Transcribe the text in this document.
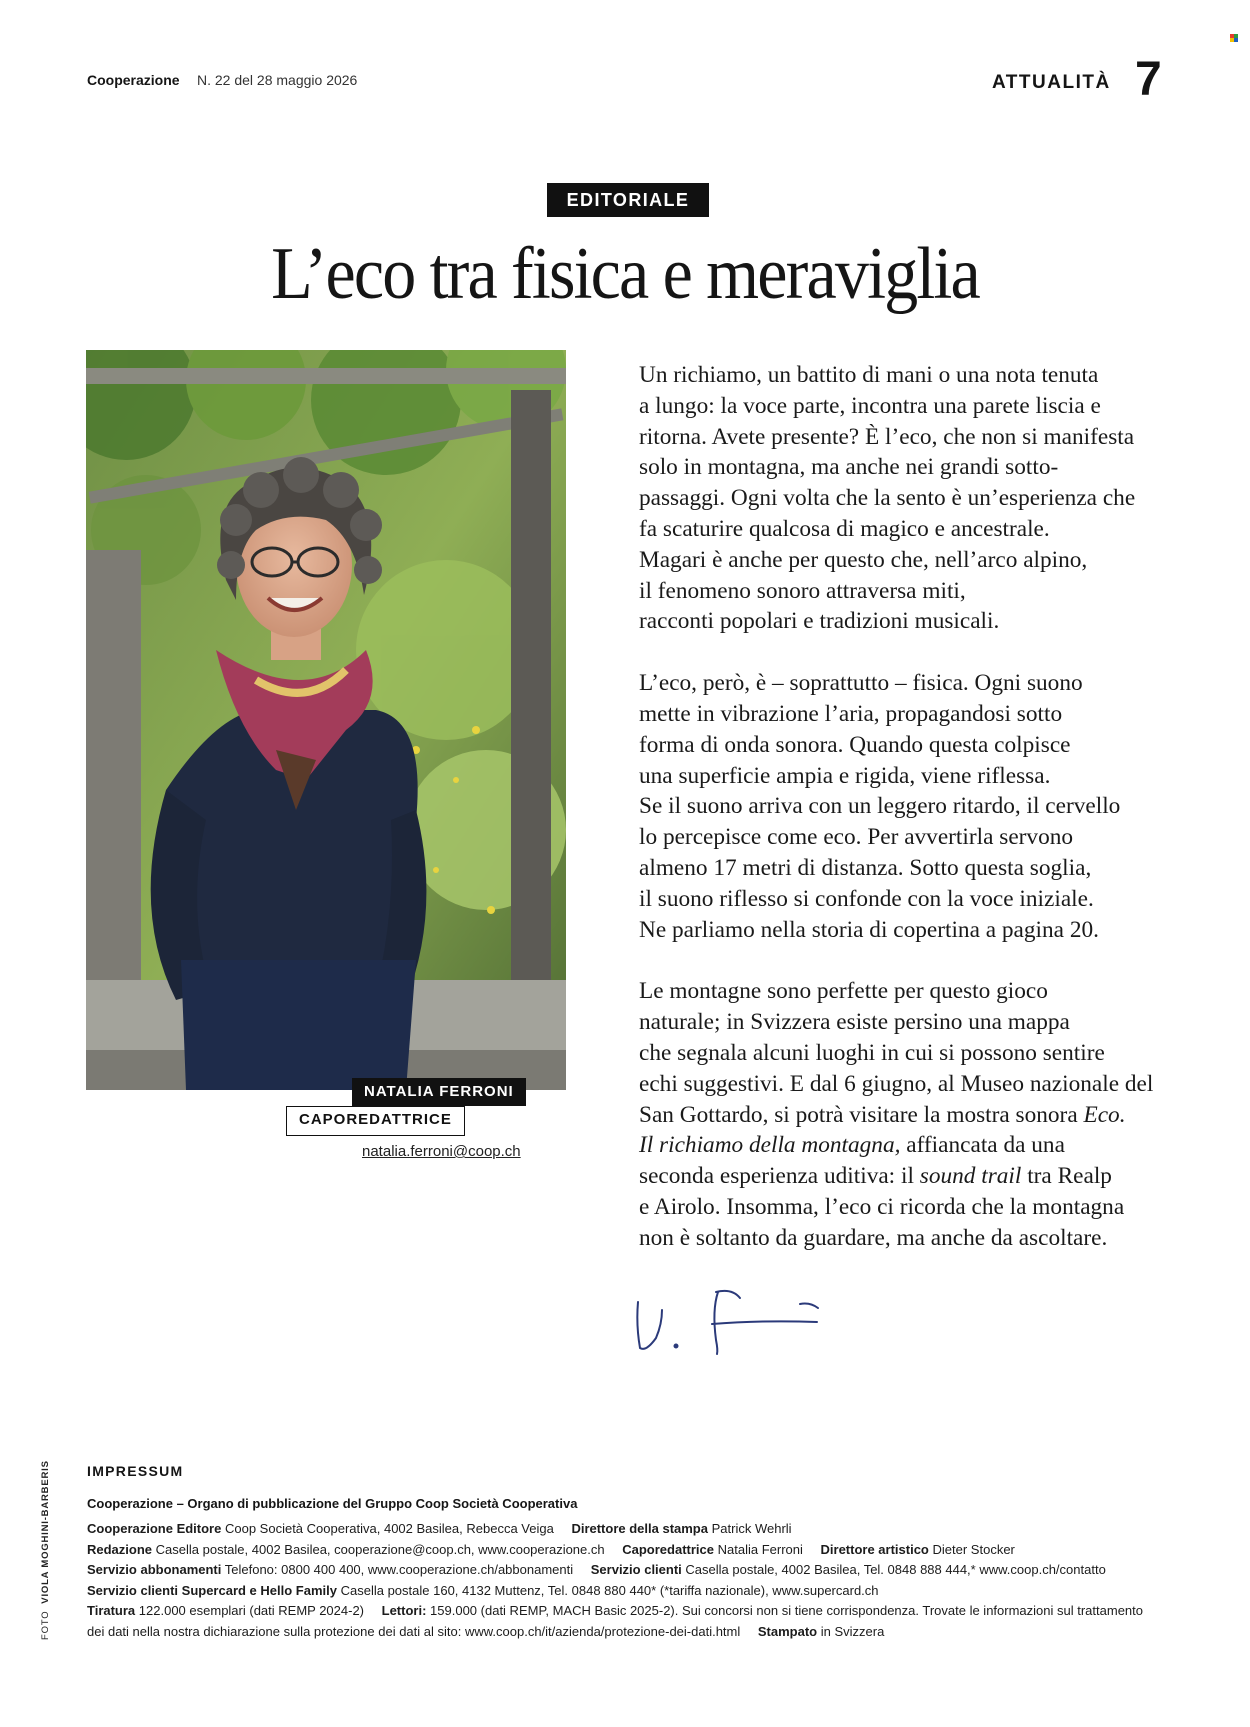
Cooperazione N. 22 del 28 maggio 2026	ATTUALITÀ 7
EDITORIALE
L’eco tra fisica e meraviglia
NATALIA FERRONI
CAPOREDATTRICE
natalia.ferroni@coop.ch

Un richiamo, un battito di mani o una nota tenuta
a lungo: la voce parte, incontra una parete liscia e
ritorna. Avete presente? È l’eco, che non si manifesta
solo in montagna, ma anche nei grandi sotto-
passaggi. Ogni volta che la sento è un’esperienza che
fa scaturire qualcosa di magico e ancestrale.
Magari è anche per questo che, nell’arco alpino,
il fenomeno sonoro attraversa miti,
racconti popolari e tradizioni musicali.

L’eco, però, è – soprattutto – fisica. Ogni suono
mette in vibrazione l’aria, propagandosi sotto
forma di onda sonora. Quando questa colpisce
una superficie ampia e rigida, viene riflessa.
Se il suono arriva con un leggero ritardo, il cervello
lo percepisce come eco. Per avvertirla servono
almeno 17 metri di distanza. Sotto questa soglia,
il suono riflesso si confonde con la voce iniziale.
Ne parliamo nella storia di copertina a pagina 20.

Le montagne sono perfette per questo gioco
naturale; in Svizzera esiste persino una mappa
che segnala alcuni luoghi in cui si possono sentire
echi suggestivi. E dal 6 giugno, al Museo nazionale del
San Gottardo, si potrà visitare la mostra sonora Eco.
Il richiamo della montagna, affiancata da una
seconda esperienza uditiva: il sound trail tra Realp
e Airolo. Insomma, l’eco ci ricorda che la montagna
non è soltanto da guardare, ma anche da ascoltare.

FOTO  VIOLA MOGHINI-BARBERIS	IMPRESSUM
Cooperazione – Organo di pubblicazione del Gruppo Coop Società Cooperativa
Cooperazione Editore Coop Società Cooperativa, 4002 Basilea, Rebecca Veiga Direttore della stampa Patrick Wehrli
Redazione Casella postale, 4002 Basilea, cooperazione@coop.ch, www.cooperazione.ch Caporedattrice Natalia Ferroni Direttore artistico Dieter Stocker
Servizio abbonamenti Telefono: 0800 400 400, www.cooperazione.ch/abbonamenti Servizio clienti Casella postale, 4002 Basilea, Tel. 0848 888 444,* www.coop.ch/contatto
Servizio clienti Supercard e Hello Family Casella postale 160, 4132 Muttenz, Tel. 0848 880 440* (*tariffa nazionale), www.supercard.ch
Tiratura 122.000 esemplari (dati REMP 2024-2) Lettori: 159.000 (dati REMP, MACH Basic 2025-2). Sui concorsi non si tiene corrispondenza. Trovate le informazioni sul trattamento
dei dati nella nostra dichiarazione sulla protezione dei dati al sito: www.coop.ch/it/azienda/protezione-dei-dati.html Stampato in Svizzera
